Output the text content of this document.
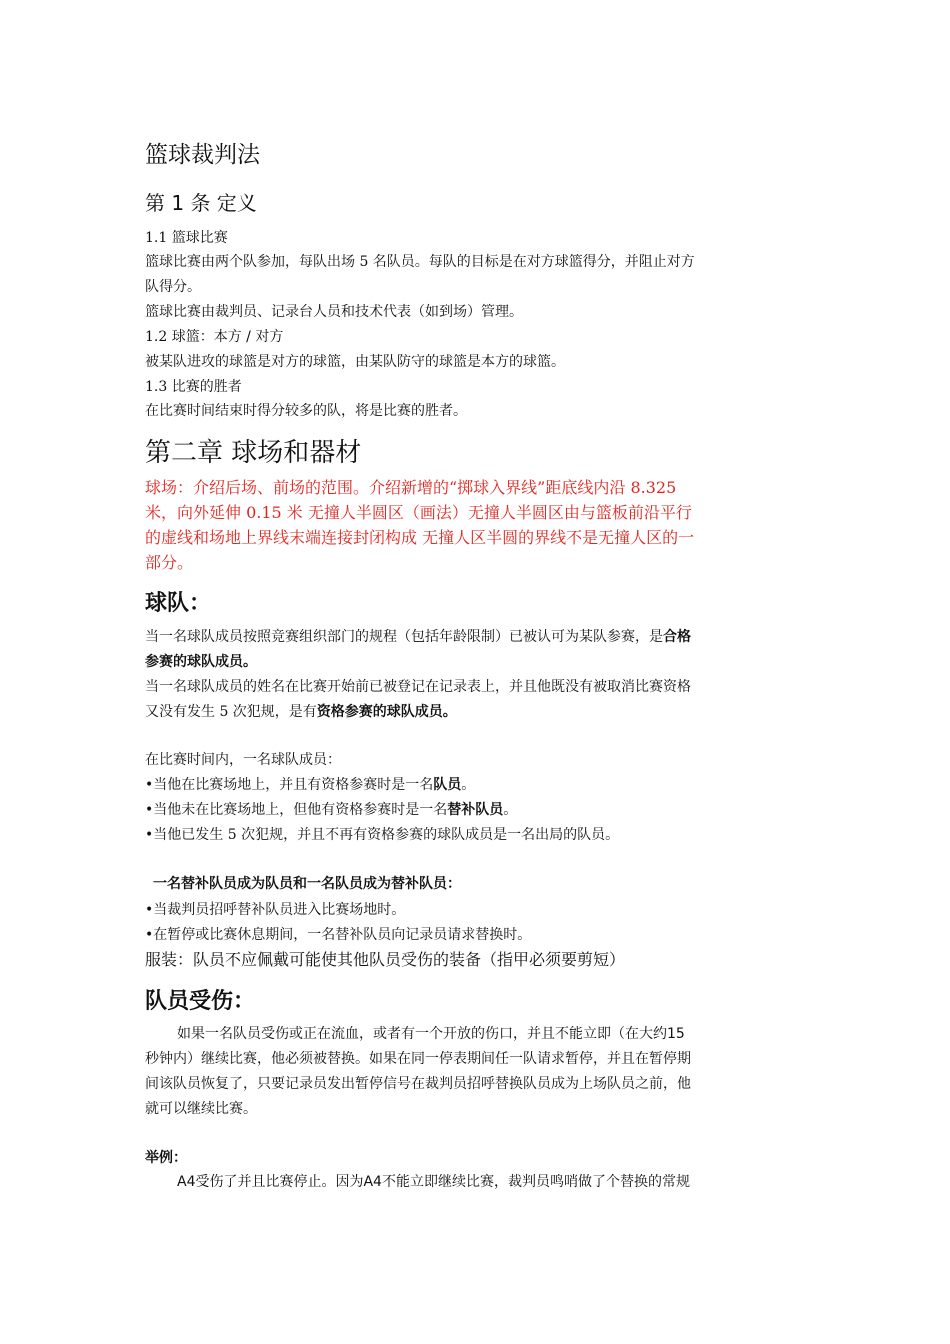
篮球裁判法
第 1 条 定义
1.1 篮球比赛
篮球比赛由两个队参加，每队出场 5 名队员。每队的目标是在对方球篮得分，并阻止对方
队得分。
篮球比赛由裁判员、记录台人员和技术代表（如到场）管理。
1.2 球篮：本方 / 对方
被某队进攻的球篮是对方的球篮，由某队防守的球篮是本方的球篮。
1.3 比赛的胜者
在比赛时间结束时得分较多的队，将是比赛的胜者。
第二章 球场和器材
球场：介绍后场、前场的范围。介绍新增的“掷球入界线”距底线内沿 8.325
米，向外延伸 0.15 米 无撞人半圆区（画法）无撞人半圆区由与篮板前沿平行
的虚线和场地上界线末端连接封闭构成 无撞人区半圆的界线不是无撞人区的一
部分。
球队：
当一名球队成员按照竞赛组织部门的规程（包括年龄限制）已被认可为某队参赛，是合格
参赛的球队成员。
当一名球队成员的姓名在比赛开始前已被登记在记录表上，并且他既没有被取消比赛资格
又没有发生 5 次犯规，是有资格参赛的球队成员。
在比赛时间内，一名球队成员：
•当他在比赛场地上，并且有资格参赛时是一名队员。
•当他未在比赛场地上，但他有资格参赛时是一名替补队员。
•当他已发生 5 次犯规，并且不再有资格参赛的球队成员是一名出局的队员。
一名替补队员成为队员和一名队员成为替补队员：
•当裁判员招呼替补队员进入比赛场地时。
•在暂停或比赛休息期间，一名替补队员向记录员请求替换时。
服装：队员不应佩戴可能使其他队员受伤的装备（指甲必须要剪短）
队员受伤：
如果一名队员受伤或正在流血，或者有一个开放的伤口，并且不能立即（在大约15
秒钟内）继续比赛，他必须被替换。如果在同一停表期间任一队请求暂停，并且在暂停期
间该队员恢复了，只要记录员发出暂停信号在裁判员招呼替换队员成为上场队员之前，他
就可以继续比赛。
举例：
A4受伤了并且比赛停止。因为A4不能立即继续比赛，裁判员鸣哨做了个替换的常规
